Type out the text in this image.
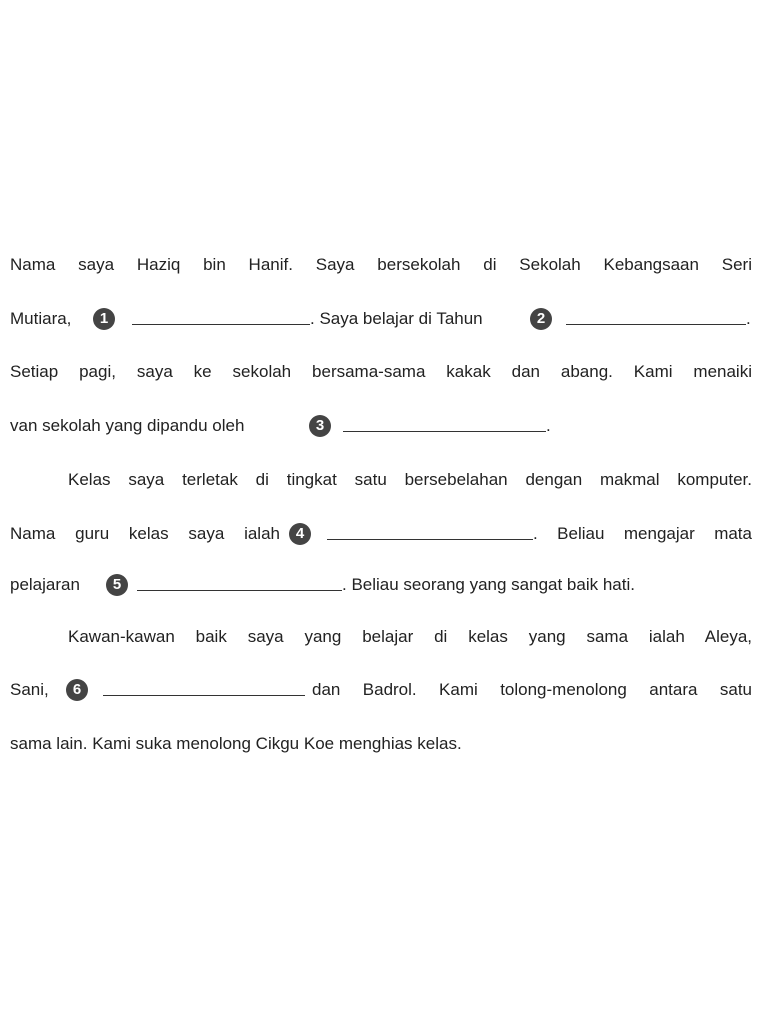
Nama saya Haziq bin Hanif. Saya bersekolah di Sekolah Kebangsaan Seri
Mutiara,	1	. Saya belajar di Tahun	2	.
Setiap pagi, saya ke sekolah bersama-sama kakak dan abang. Kami menaiki
van sekolah yang dipandu oleh	3	.
Kelas saya terletak di tingkat satu bersebelahan dengan makmal komputer.
Nama guru kelas saya ialah	4	. Beliau mengajar mata
pelajaran	5	. Beliau seorang yang sangat baik hati.
Kawan-kawan baik saya yang belajar di kelas yang sama ialah Aleya,
Sani,	6	dan Badrol. Kami tolong-menolong antara satu
sama lain. Kami suka menolong Cikgu Koe menghias kelas.
